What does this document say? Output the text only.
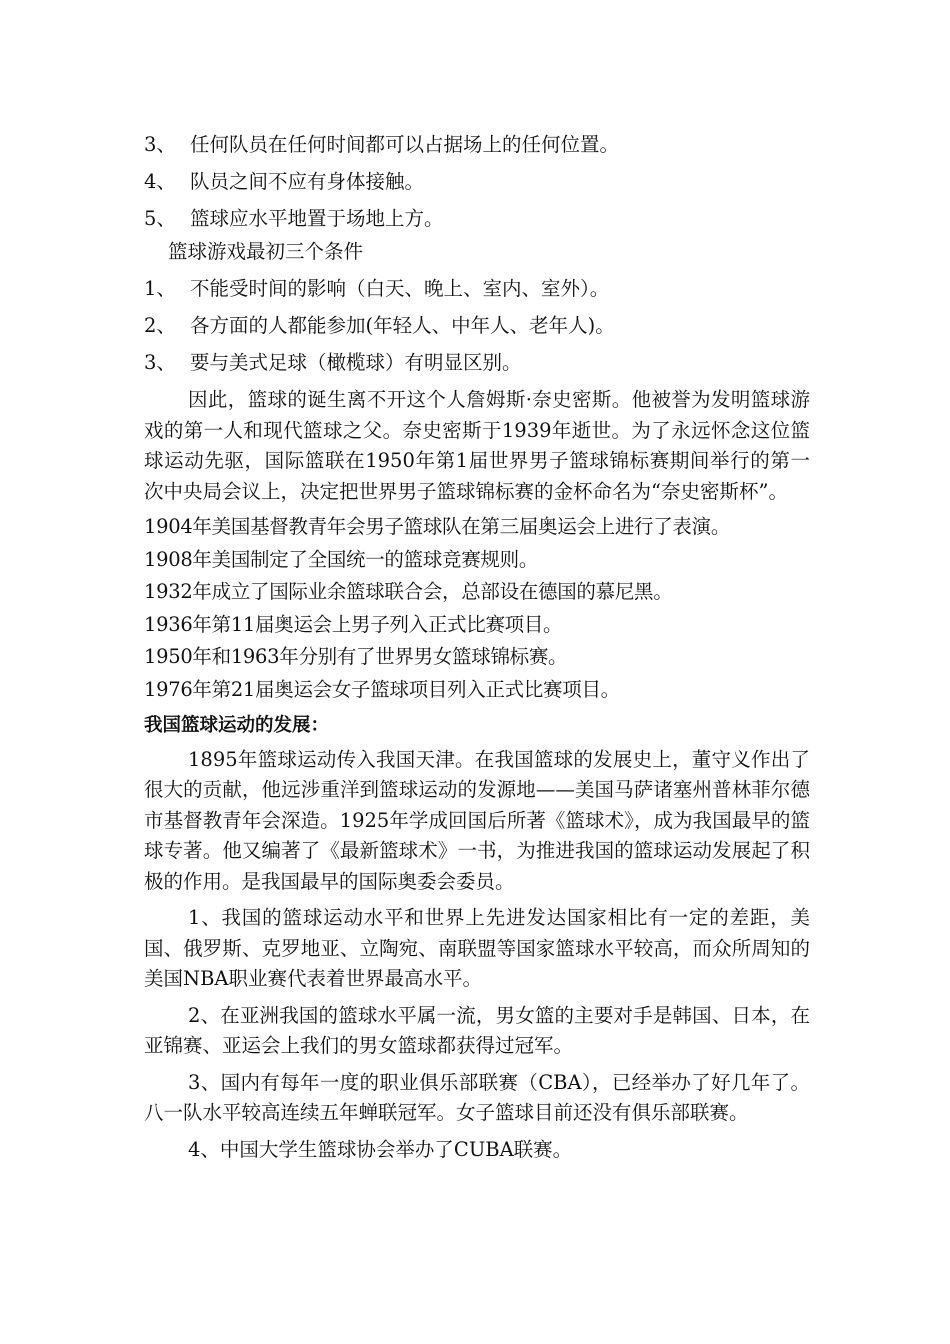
3、 任何队员在任何时间都可以占据场上的任何位置。
4、 队员之间不应有身体接触。
5、 篮球应水平地置于场地上方。
篮球游戏最初三个条件
1、 不能受时间的影响（白天、晚上、室内、室外）。
2、 各方面的人都能参加(年轻人、中年人、老年人)。
3、 要与美式足球（橄榄球）有明显区别。

因此，篮球的诞生离不开这个人詹姆斯·奈史密斯。他被誉为发明篮球游戏的第一人和现代篮球之父。奈史密斯于1939年逝世。为了永远怀念这位篮球运动先驱，国际篮联在1950年第1届世界男子篮球锦标赛期间举行的第一次中央局会议上，决定把世界男子篮球锦标赛的金杯命名为“奈史密斯杯”。

1904年美国基督教青年会男子篮球队在第三届奥运会上进行了表演。
1908年美国制定了全国统一的篮球竞赛规则。
1932年成立了国际业余篮球联合会，总部设在德国的慕尼黑。
1936年第11届奥运会上男子列入正式比赛项目。
1950年和1963年分别有了世界男女篮球锦标赛。
1976年第21届奥运会女子篮球项目列入正式比赛项目。
我国篮球运动的发展：

1895年篮球运动传入我国天津。在我国篮球的发展史上，董守义作出了很大的贡献，他远涉重洋到篮球运动的发源地——美国马萨诸塞州普林菲尔德市基督教青年会深造。1925年学成回国后所著《篮球术》，成为我国最早的篮球专著。他又编著了《最新篮球术》一书，为推进我国的篮球运动发展起了积极的作用。是我国最早的国际奥委会委员。

1、我国的篮球运动水平和世界上先进发达国家相比有一定的差距，美国、俄罗斯、克罗地亚、立陶宛、南联盟等国家篮球水平较高，而众所周知的美国NBA职业赛代表着世界最高水平。

2、在亚洲我国的篮球水平属一流，男女篮的主要对手是韩国、日本，在亚锦赛、亚运会上我们的男女篮球都获得过冠军。

3、国内有每年一度的职业俱乐部联赛（CBA），已经举办了好几年了。八一队水平较高连续五年蝉联冠军。女子篮球目前还没有俱乐部联赛。

4、中国大学生篮球协会举办了CUBA联赛。
